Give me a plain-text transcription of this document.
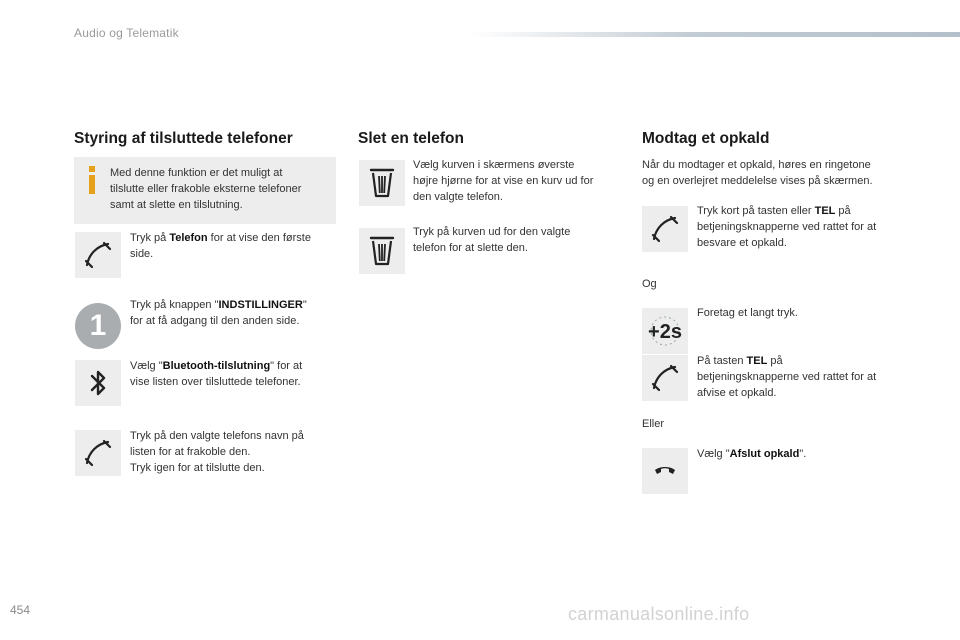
Audio og Telematik
Styring af tilsluttede telefoner
Med denne funktion er det muligt at
tilslutte eller frakoble eksterne telefoner
samt at slette en tilslutning.
Tryk på Telefon for at vise den første
side.
1
Tryk på knappen "INDSTILLINGER"
for at få adgang til den anden side.
Vælg "Bluetooth-tilslutning" for at
vise listen over tilsluttede telefoner.
Tryk på den valgte telefons navn på
listen for at frakoble den.
Tryk igen for at tilslutte den.
Slet en telefon
Vælg kurven i skærmens øverste
højre hjørne for at vise en kurv ud for
den valgte telefon.
Tryk på kurven ud for den valgte
telefon for at slette den.
Modtag et opkald
Når du modtager et opkald, høres en ringetone
og en overlejret meddelelse vises på skærmen.
Tryk kort på tasten eller TEL på
betjeningsknapperne ved rattet for at
besvare et opkald.
Og
+2s
Foretag et langt tryk.
På tasten TEL på
betjeningsknapperne ved rattet for at
afvise et opkald.
Eller
Vælg "Afslut opkald".
454	carmanualsonline.info
